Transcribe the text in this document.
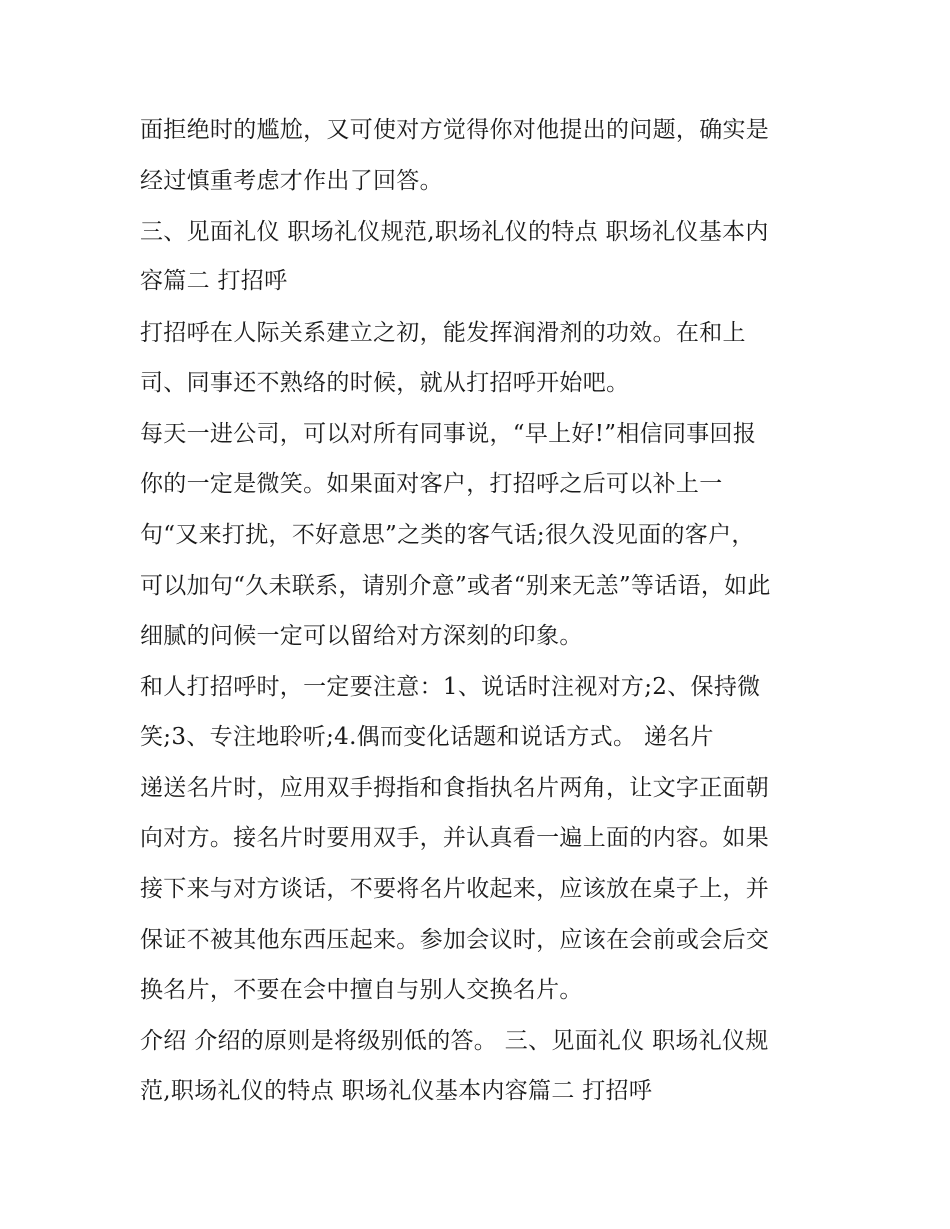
面拒绝时的尴尬，又可使对方觉得你对他提出的问题，确实是
经过慎重考虑才作出了回答。
三、见面礼仪 职场礼仪规范,职场礼仪的特点 职场礼仪基本内
容篇二 打招呼
打招呼在人际关系建立之初，能发挥润滑剂的功效。在和上
司、同事还不熟络的时候，就从打招呼开始吧。
每天一进公司，可以对所有同事说，“早上好!”相信同事回报
你的一定是微笑。如果面对客户，打招呼之后可以补上一
句“又来打扰，不好意思”之类的客气话;很久没见面的客户，
可以加句“久未联系，请别介意”或者“别来无恙”等话语，如此
细腻的问候一定可以留给对方深刻的印象。
和人打招呼时，一定要注意：1、说话时注视对方;2、保持微
笑;3、专注地聆听;4.偶而变化话题和说话方式。 递名片
递送名片时，应用双手拇指和食指执名片两角，让文字正面朝
向对方。接名片时要用双手，并认真看一遍上面的内容。如果
接下来与对方谈话，不要将名片收起来，应该放在桌子上，并
保证不被其他东西压起来。参加会议时，应该在会前或会后交
换名片，不要在会中擅自与别人交换名片。
介绍 介绍的原则是将级别低的答。 三、见面礼仪 职场礼仪规
范,职场礼仪的特点 职场礼仪基本内容篇二 打招呼
